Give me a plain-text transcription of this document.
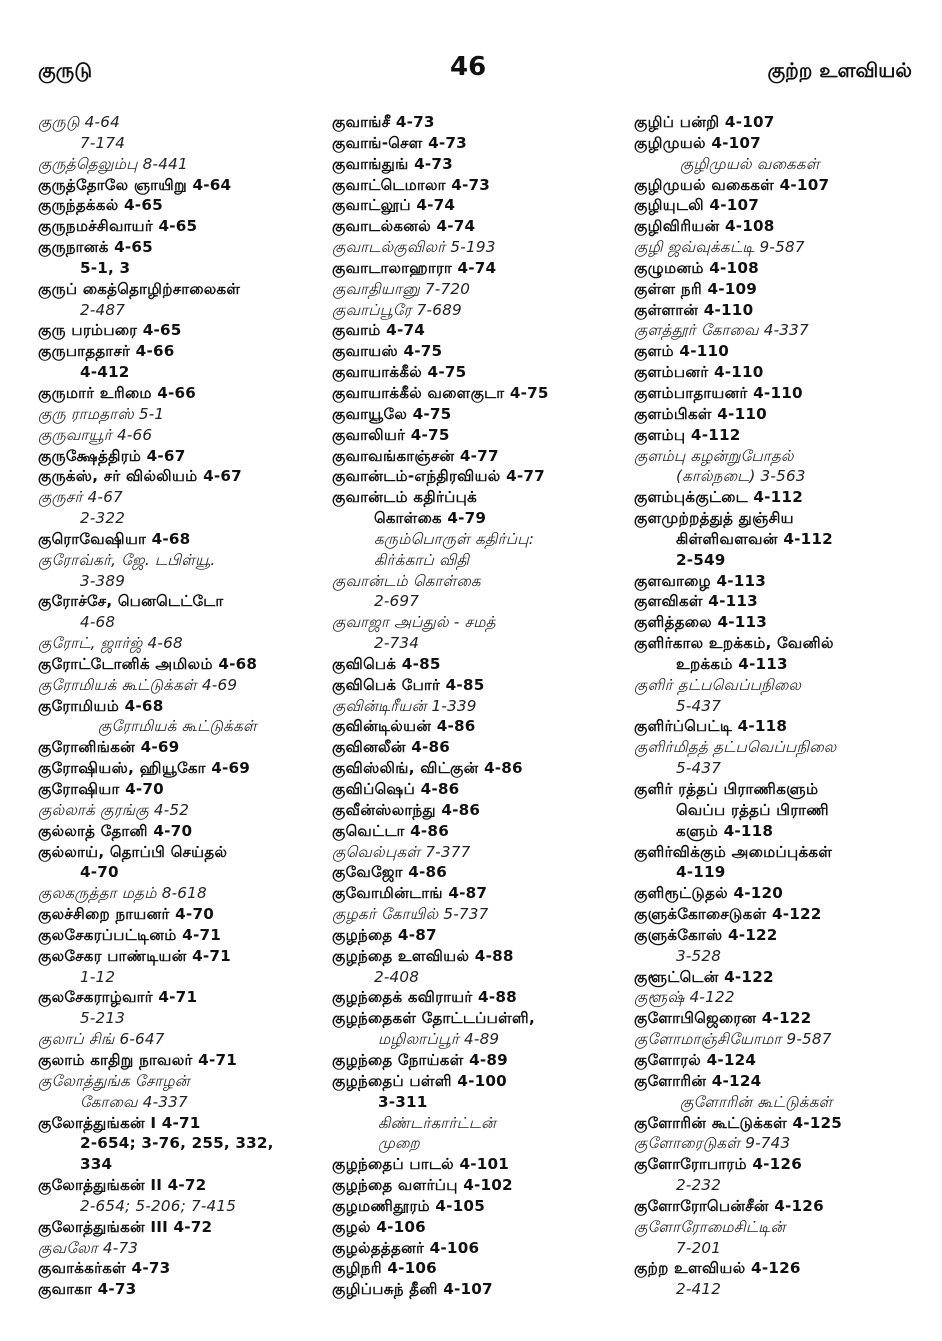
குருடு	46	குற்ற உளவியல்
குருடு 4-64
7-174
குருத்தெலும்பு 8-441
குருத்தோலே ஞாயிறு 4-64
குருந்தக்கல் 4-65
குருநமச்சிவாயர் 4-65
குருநானக் 4-65
5-1, 3
குருப் கைத்தொழிற்சாலைகள்
2-487
குரு பரம்பரை 4-65
குருபாததாசர் 4-66
4-412
குருமார் உரிமை 4-66
குரு ராமதாஸ் 5-1
குருவாயூர் 4-66
குருக்ஷேத்திரம் 4-67
குருக்ஸ், சர் வில்லியம் 4-67
குருசர் 4-67
2-322
குரொவேஷியா 4-68
குரோவ்கர், ஜே. டபிள்யூ.
3-389
குரோச்சே, பெனடெட்டோ
4-68
குரோட், ஜார்ஜ் 4-68
குரோட்டோனிக் அமிலம் 4-68
குரோமியக் கூட்டுக்கள் 4-69
குரோமியம் 4-68
குரோமியக் கூட்டுக்கள்
குரோனிங்கன் 4-69
குரோஷியஸ், ஹியூகோ 4-69
குரோஷியா 4-70
குல்லாக் குரங்கு 4-52
குல்லாத் தோனி 4-70
குல்லாய், தொப்பி செய்தல்
4-70
குலகருத்தா மதம் 8-618
குலச்சிறை நாயனர் 4-70
குலசேகரப்பட்டினம் 4-71
குலசேகர பாண்டியன் 4-71
1-12
குலசேகராழ்வார் 4-71
5-213
குலாப் சிங் 6-647
குலாம் காதிறு நாவலர் 4-71
குலோத்துங்க சோழன்
கோவை 4-337
குலோத்துங்கன் I 4-71
2-654; 3-76, 255, 332,
334
குலோத்துங்கன் II 4-72
2-654; 5-206; 7-415
குலோத்துங்கன் III 4-72
குவலோ 4-73
குவாக்கர்கள் 4-73
குவாகா 4-73
குவாங்சீ 4-73
குவாங்-செள 4-73
குவாங்துங் 4-73
குவாட்டெமாலா 4-73
குவாட்லூப் 4-74
குவாடல்கனல் 4-74
குவாடல்குவிலர் 5-193
குவாடாலாஹாரா 4-74
குவாதியானு 7-720
குவாப்பூரே 7-689
குவாம் 4-74
குவாயஸ் 4-75
குவாயாக்கீல் 4-75
குவாயாக்கீல் வளைகுடா 4-75
குவாயூலே 4-75
குவாலியர் 4-75
குவாவங்காஞ்சன் 4-77
குவான்டம்-எந்திரவியல் 4-77
குவான்டம் கதிர்ப்புக்
கொள்கை 4-79
கரும்பொருள் கதிர்ப்பு:
கிர்க்காப் விதி
குவான்டம் கொள்கை
2-697
குவாஜா அப்துல் - சமத்
2-734
குவிபெக் 4-85
குவிபெக் போர் 4-85
குவின்டிரீயன் 1-339
குவின்டில்யன் 4-86
குவினலீன் 4-86
குவிஸ்லிங், விட்குன் 4-86
குவிப்ஷெப் 4-86
குவீன்ஸ்லாந்து 4-86
குவெட்டா 4-86
குவெல்புகள் 7-377
குவேஜோ 4-86
குவோமின்டாங் 4-87
குழகர் கோயில் 5-737
குழந்தை 4-87
குழந்தை உளவியல் 4-88
2-408
குழந்தைக் கவிராயர் 4-88
குழந்தைகள் தோட்டப்பள்ளி,
மழிலாப்பூர் 4-89
குழந்தை நோய்கள் 4-89
குழந்தைப் பள்ளி 4-100
3-311
கிண்டர்கார்ட்டன்
முறை
குழந்தைப் பாடல் 4-101
குழந்தை வளர்ப்பு 4-102
குழமணிதூரம் 4-105
குழல் 4-106
குழல்தத்தனர் 4-106
குழிநரி 4-106
குழிப்பசுந் தீனி 4-107
குழிப் பன்றி 4-107
குழிமுயல் 4-107
குழிமுயல் வகைகள்
குழிமுயல் வகைகள் 4-107
குழியுடலி 4-107
குழிவிரியன் 4-108
குழி ஜவ்வுக்கட்டி 9-587
குழுமனம் 4-108
குள்ள நரி 4-109
குள்ளான் 4-110
குளத்தூர் கோவை 4-337
குளம் 4-110
குளம்பனர் 4-110
குளம்பாதாயனர் 4-110
குளம்பிகள் 4-110
குளம்பு 4-112
குளம்பு கழன்றுபோதல்
(கால்நடை) 3-563
குளம்புக்குட்டை 4-112
குளமுற்றத்துத் துஞ்சிய
கிள்ளிவளவன் 4-112
2-549
குளவாழை 4-113
குளவிகள் 4-113
குளித்தலை 4-113
குளிர்கால உறக்கம், வேனில்
உறக்கம் 4-113
குளிர் தட்பவெப்பநிலை
5-437
குளிர்ப்பெட்டி 4-118
குளிர்மிதத் தட்பவெப்பநிலை
5-437
குளிர் ரத்தப் பிராணிகளும்
வெப்ப ரத்தப் பிராணி
களும் 4-118
குளிர்விக்கும் அமைப்புக்கள்
4-119
குளிரூட்டுதல் 4-120
குளுக்கோசைடுகள் 4-122
குளுக்கோஸ் 4-122
3-528
குளூட்டென் 4-122
குளூஷ் 4-122
குளோபிஜெரைன 4-122
குளோமாஞ்சியோமா 9-587
குளோரல் 4-124
குளோரின் 4-124
குளோரின் கூட்டுக்கள்
குளோரின் கூட்டுக்கள் 4-125
குளோரைடுகள் 9-743
குளோரோபாரம் 4-126
2-232
குளோரோபென்சீன் 4-126
குளோரோமைசிட்டின்
7-201
குற்ற உளவியல் 4-126
2-412
